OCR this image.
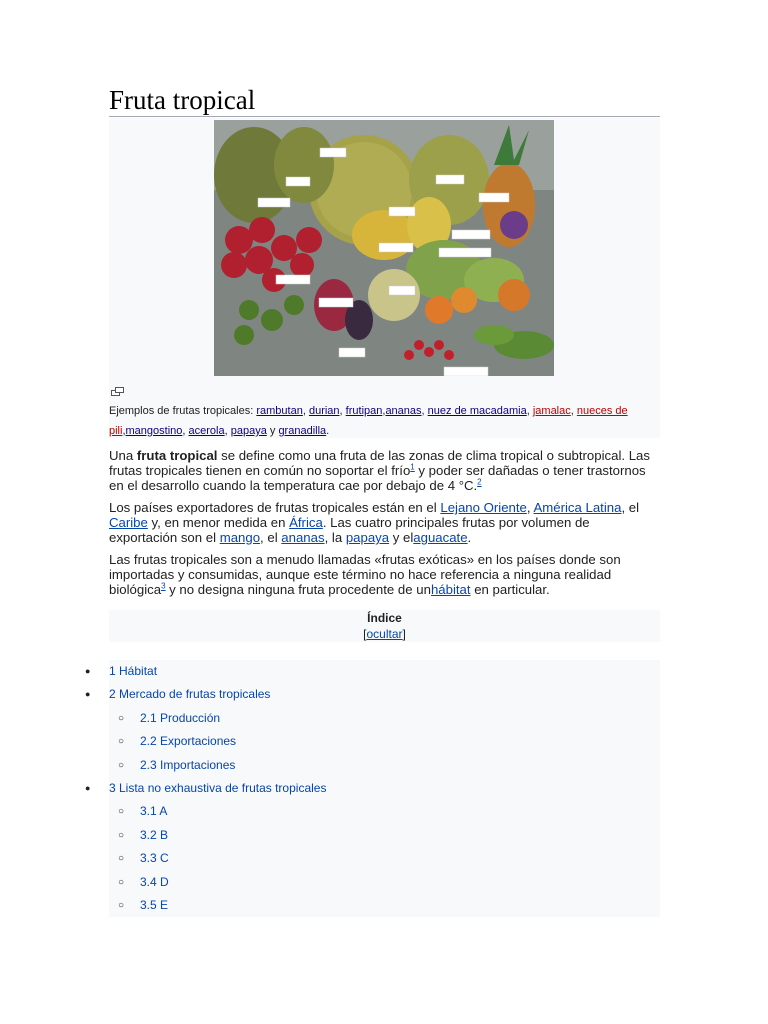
Fruta tropical
Ejemplos de frutas tropicales: rambutan, durian, frutipan,ananas, nuez de macadamia, jamalac, nueces de pili,mangostino, acerola, papaya y granadilla.

Una fruta tropical se define como una fruta de las zonas de clima tropical o subtropical. Las frutas tropicales tienen en común no soportar el frío$^1$ y poder ser dañadas o tener trastornos en el desarrollo cuando la temperatura cae por debajo de 4 °C.$^2$

Los países exportadores de frutas tropicales están en el Lejano Oriente, América Latina, el Caribe y, en menor medida en África. Las cuatro principales frutas por volumen de exportación son el mango, el ananas, la papaya y elaguacate.

Las frutas tropicales son a menudo llamadas «frutas exóticas» en los países donde son importadas y consumidas, aunque este término no hace referencia a ninguna realidad biológica$^3$ y no designa ninguna fruta procedente de unhábitat en particular.

Índice
[ocultar]
● 1 Hábitat
● 2 Mercado de frutas tropicales
○ 2.1 Producción
○ 2.2 Exportaciones
○ 2.3 Importaciones
● 3 Lista no exhaustiva de frutas tropicales
○ 3.1 A
○ 3.2 B
○ 3.3 C
○ 3.4 D
○ 3.5 E
